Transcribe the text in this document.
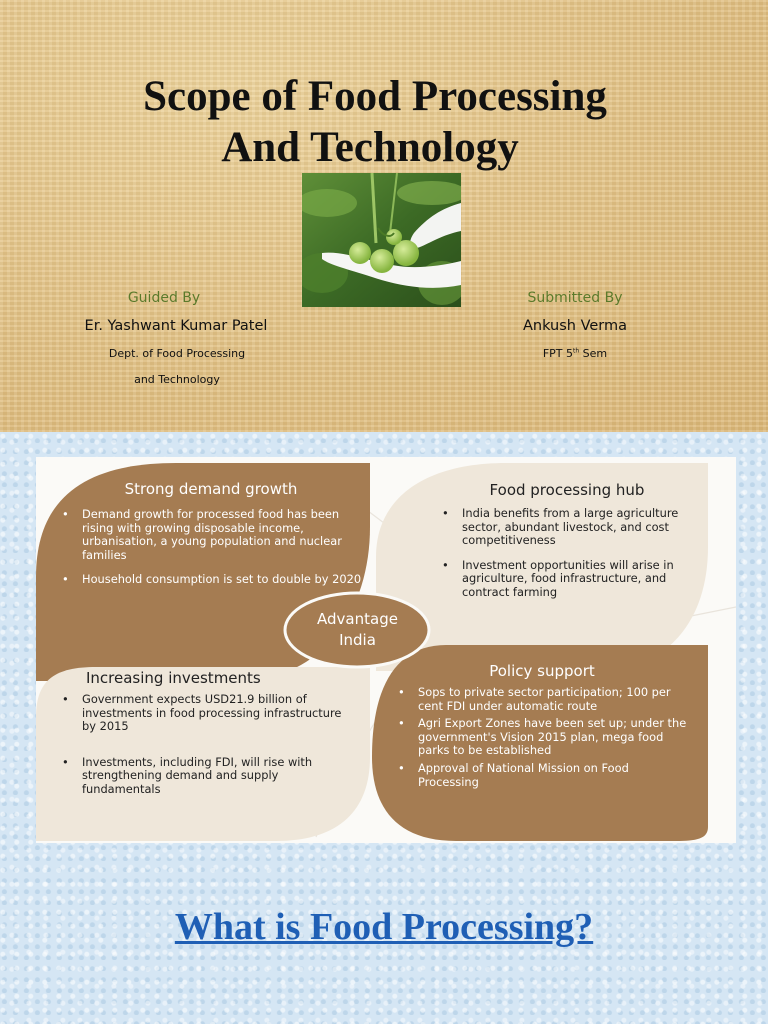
Scope of Food Processing
And Technology
Guided By
Er. Yashwant Kumar Patel
Dept. of Food Processing
and Technology
Submitted By
Ankush Verma
FPT 5th Sem
Strong demand growth
• Demand growth for processed food has been rising with growing disposable income, urbanisation, a young population and nuclear families
• Household consumption is set to double by 2020
Food processing hub
• India benefits from a large agriculture sector, abundant livestock, and cost competitiveness
• Investment opportunities will arise in agriculture, food infrastructure, and contract farming
Increasing investments
• Government expects USD21.9 billion of investments in food processing infrastructure by 2015
• Investments, including FDI, will rise with strengthening demand and supply fundamentals
Policy support
• Sops to private sector participation; 100 per cent FDI under automatic route
• Agri Export Zones have been set up; under the government's Vision 2015 plan, mega food parks to be established
• Approval of National Mission on Food Processing
Advantage
India
What is Food Processing?
